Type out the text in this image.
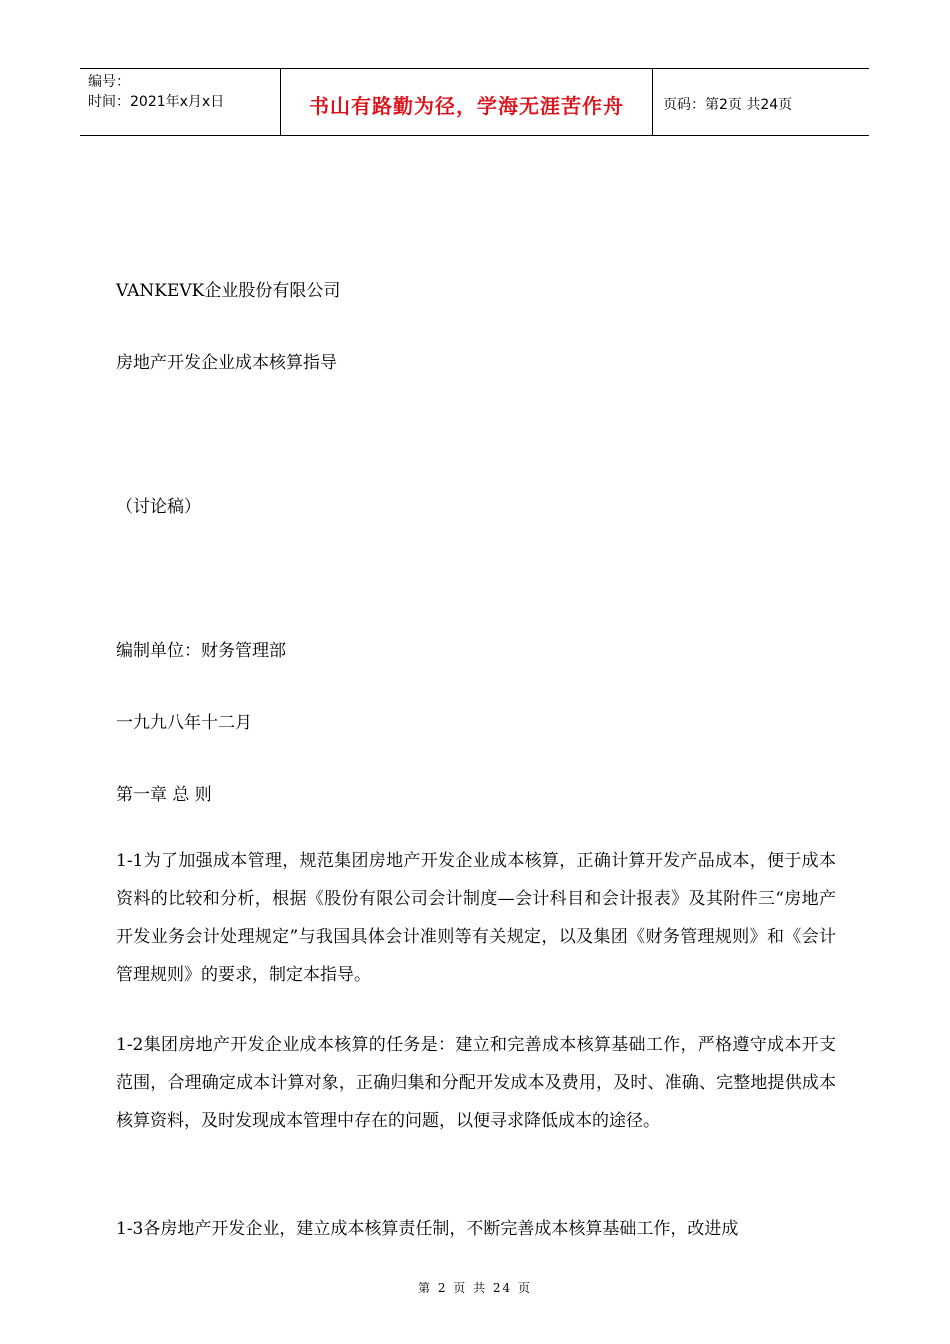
编号：
时间：2021年x月x日	书山有路勤为径，学海无涯苦作舟	页码：第2页 共24页
VANKEVK企业股份有限公司
房地产开发企业成本核算指导
（讨论稿）
编制单位：财务管理部
一九九八年十二月
第一章 总 则
1-1为了加强成本管理，规范集团房地产开发企业成本核算，正确计算开发产品成本，便于成本资料的比较和分析，根据《股份有限公司会计制度—会计科目和会计报表》及其附件三“房地产开发业务会计处理规定”与我国具体会计准则等有关规定，以及集团《财务管理规则》和《会计管理规则》的要求，制定本指导。
1-2集团房地产开发企业成本核算的任务是：建立和完善成本核算基础工作，严格遵守成本开支范围，合理确定成本计算对象，正确归集和分配开发成本及费用，及时、准确、完整地提供成本核算资料，及时发现成本管理中存在的问题，以便寻求降低成本的途径。
1-3各房地产开发企业，建立成本核算责任制，不断完善成本核算基础工作，改进成
第 2 页 共 24 页
